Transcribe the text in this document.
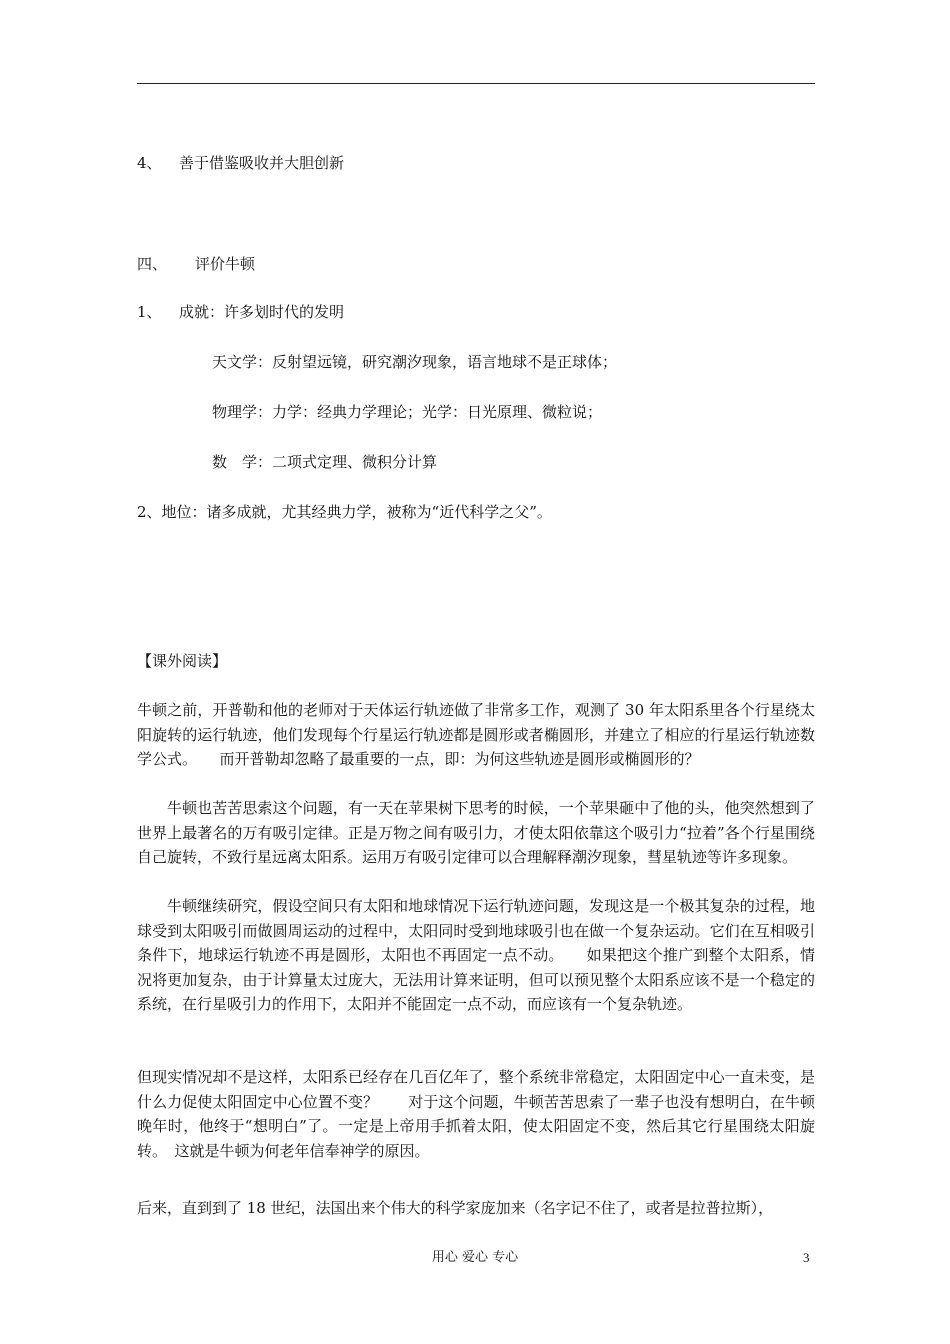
4、 善于借鉴吸收并大胆创新
四、 评价牛顿
1、 成就：许多划时代的发明
天文学：反射望远镜，研究潮汐现象，语言地球不是正球体；
物理学：力学：经典力学理论；光学：日光原理、微粒说；
数　学：二项式定理、微积分计算
2、地位：诸多成就，尤其经典力学，被称为“近代科学之父”。
【课外阅读】
牛顿之前，开普勒和他的老师对于天体运行轨迹做了非常多工作，观测了 30 年太阳系里各个行星绕太阳旋转的运行轨迹，他们发现每个行星运行轨迹都是圆形或者椭圆形，并建立了相应的行星运行轨迹数学公式。　　而开普勒却忽略了最重要的一点，即：为何这些轨迹是圆形或椭圆形的？
牛顿也苦苦思索这个问题，有一天在苹果树下思考的时候，一个苹果砸中了他的头，他突然想到了世界上最著名的万有吸引定律。正是万物之间有吸引力，才使太阳依靠这个吸引力“拉着”各个行星围绕自己旋转，不致行星远离太阳系。运用万有吸引定律可以合理解释潮汐现象，彗星轨迹等许多现象。
牛顿继续研究，假设空间只有太阳和地球情况下运行轨迹问题，发现这是一个极其复杂的过程，地球受到太阳吸引而做圆周运动的过程中，太阳同时受到地球吸引也在做一个复杂运动。它们在互相吸引条件下，地球运行轨迹不再是圆形，太阳也不再固定一点不动。　　如果把这个推广到整个太阳系，情况将更加复杂，由于计算量太过庞大，无法用计算来证明，但可以预见整个太阳系应该不是一个稳定的系统，在行星吸引力的作用下，太阳并不能固定一点不动，而应该有一个复杂轨迹。
但现实情况却不是这样，太阳系已经存在几百亿年了，整个系统非常稳定，太阳固定中心一直未变，是什么力促使太阳固定中心位置不变？　　对于这个问题，牛顿苦苦思索了一辈子也没有想明白，在牛顿晚年时，他终于“想明白”了。一定是上帝用手抓着太阳，使太阳固定不变，然后其它行星围绕太阳旋转。　这就是牛顿为何老年信奉神学的原因。
后来，直到到了 18 世纪，法国出来个伟大的科学家庞加来（名字记不住了，或者是拉普拉斯），
用心 爱心 专心	3
